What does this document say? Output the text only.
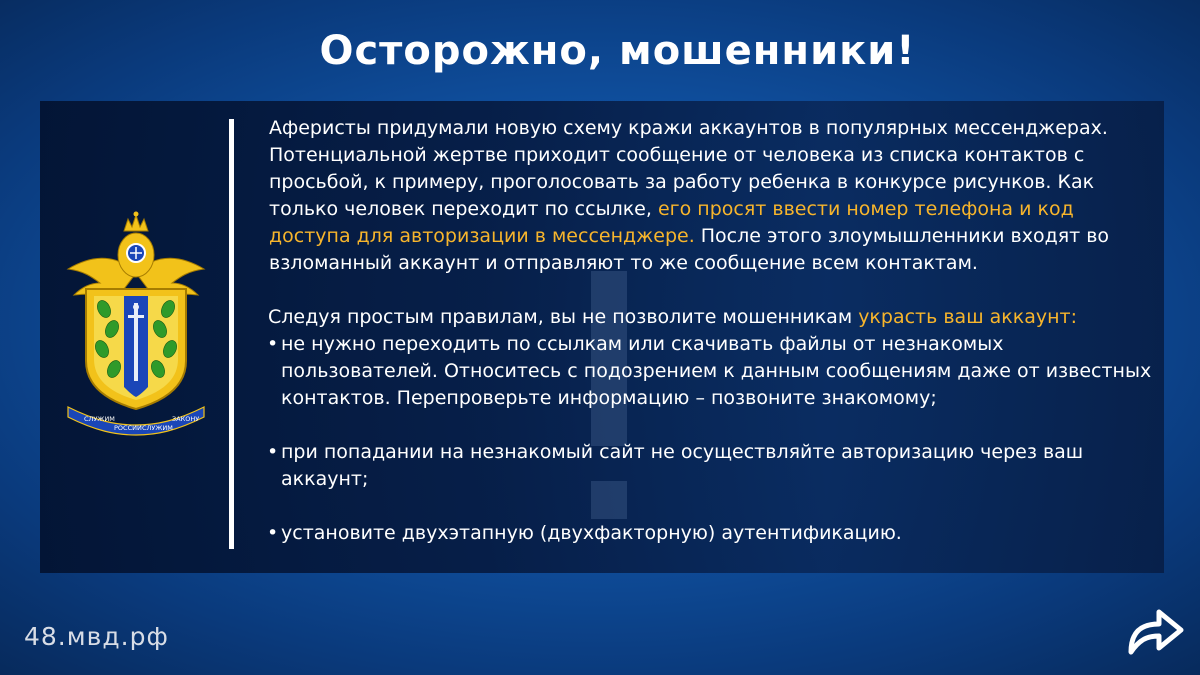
Осторожно, мошенники!
СЛУЖИМ
РОССИИ СЛУЖИМ
ЗАКОНУ

Аферисты придумали новую схему кражи аккаунтов в популярных мессенджерах. Потенциальной жертве приходит сообщение от человека из списка контактов с просьбой, к примеру, проголосовать за работу ребенка в конкурсе рисунков. Как только человек переходит по ссылке, его просят ввести номер телефона и код доступа для авторизации в мессенджере. После этого злоумышленники входят во взломанный аккаунт и отправляют то же сообщение всем контактам.

Следуя простым правилам, вы не позволите мошенникам украсть ваш аккаунт:

• не нужно переходить по ссылкам или скачивать файлы от незнакомых пользователей. Относитесь с подозрением к данным сообщениям даже от известных контактов. Перепроверьте информацию – позвоните знакомому;
• при попадании на незнакомый сайт не осуществляйте авторизацию через ваш аккаунт;
• установите двухэтапную (двухфакторную) аутентификацию.
48.мвд.рф
